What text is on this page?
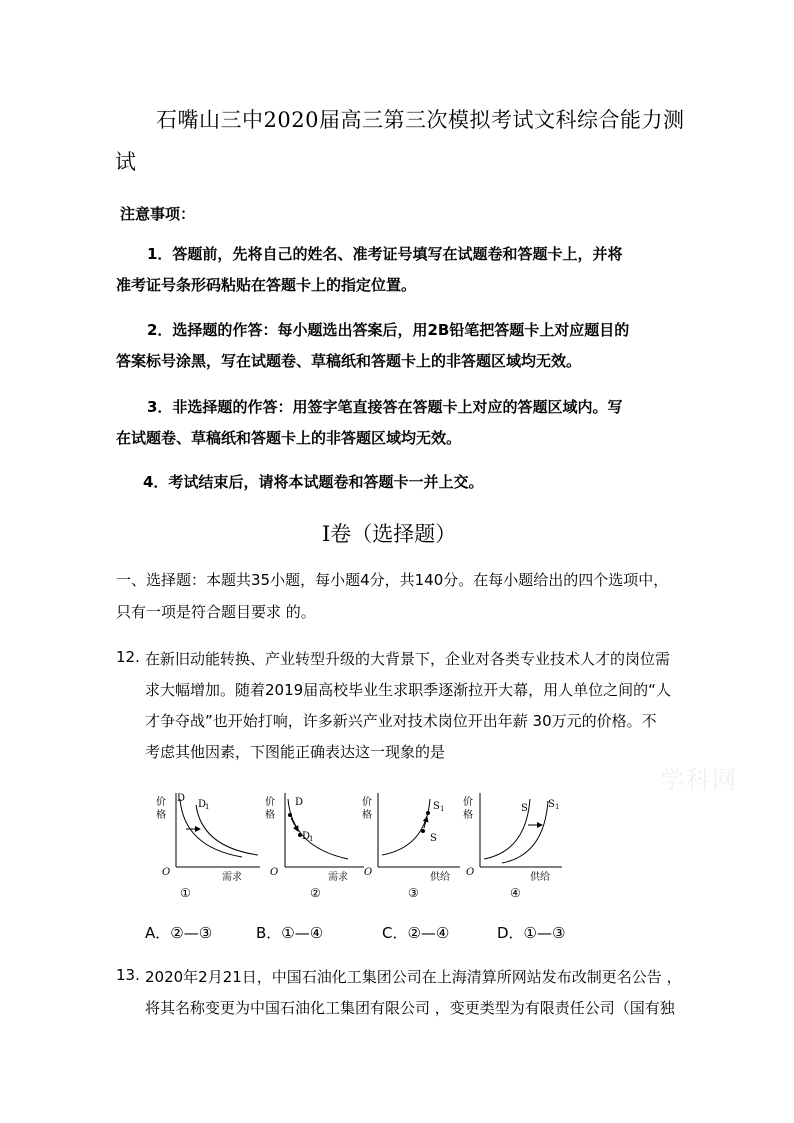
石嘴山三中2020届高三第三次模拟考试文科综合能力测
试
注意事项：
1．答题前，先将自己的姓名、准考证号填写在试题卷和答题卡上，并将
准考证号条形码粘贴在答题卡上的指定位置。
2．选择题的作答：每小题选出答案后，用2B铅笔把答题卡上对应题目的
答案标号涂黑，写在试题卷、草稿纸和答题卡上的非答题区域均无效。
3．非选择题的作答：用签字笔直接答在答题卡上对应的答题区域内。写
在试题卷、草稿纸和答题卡上的非答题区域均无效。
4．考试结束后，请将本试题卷和答题卡一并上交。
Ⅰ卷（选择题）
一、选择题：本题共35小题，每小题4分，共140分。在每小题给出的四个选项中，
只有一项是符合题目要求 的。
12. 在新旧动能转换、产业转型升级的大背景下，企业对各类专业技术人才的岗位需
求大幅增加。随着2019届高校毕业生求职季逐渐拉开大幕，用人单位之间的“人
才争夺战”也开始打响，许多新兴产业对技术岗位开出年薪 30万元的价格。不
考虑其他因素，下图能正确表达这一现象的是
学科网
价
格
O	需求
D
D
1
①
价
格
O	需求
D
D
1
②
价
格
O	供给
S
S 1
③
价
格
O	供给
S S 1
④
A．②—③	B．①—④	C．②—④	D．①—③
13. 2020年2月21日，中国石油化工集团公司在上海清算所网站发布改制更名公告 ，
将其名称变更为中国石油化工集团有限公司 ，变更类型为有限责任公司（国有独
